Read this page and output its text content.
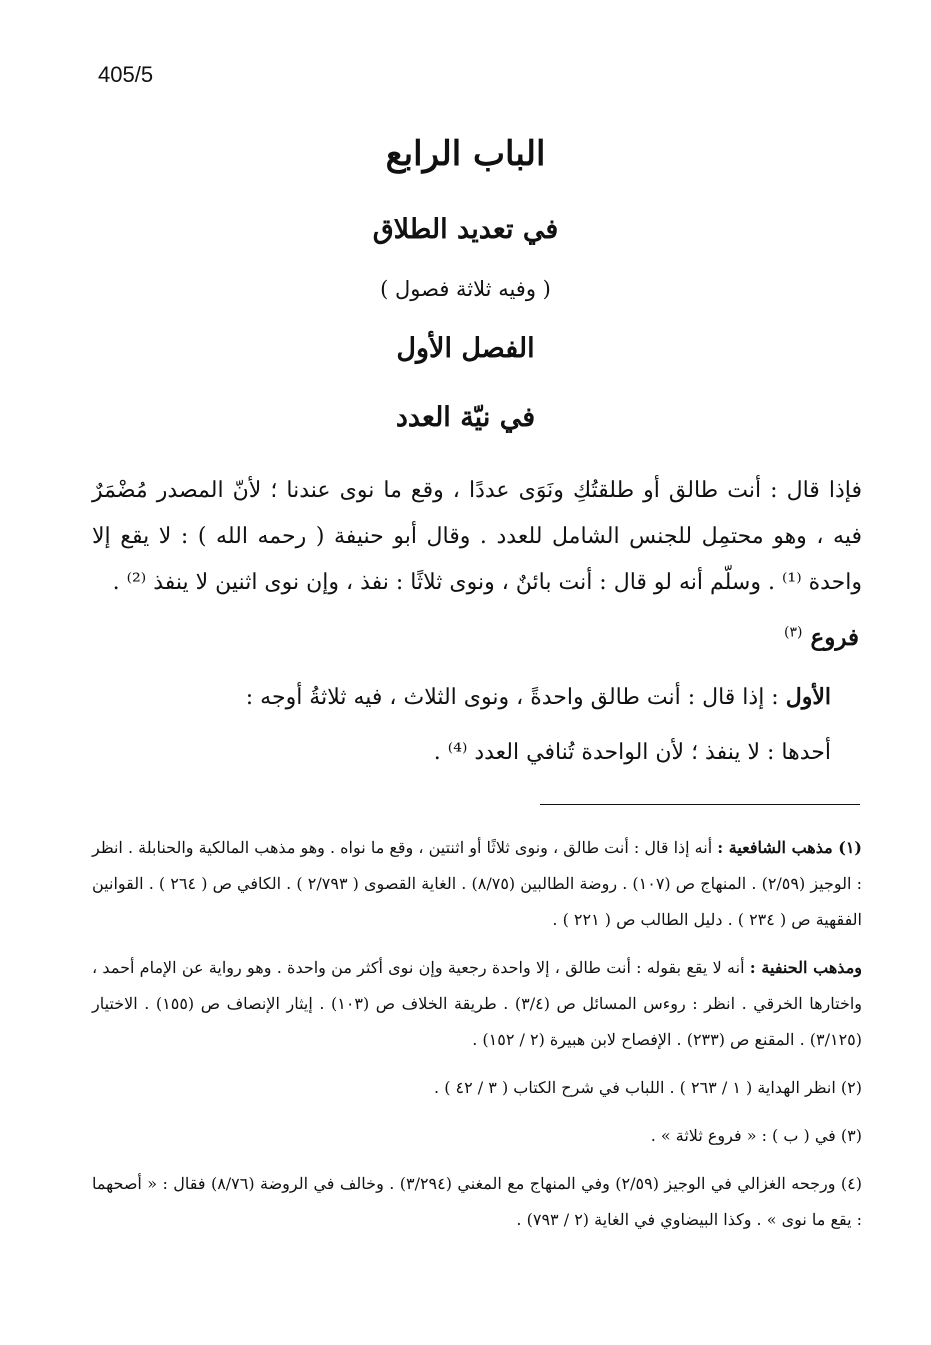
405/5
الباب الرابع
في تعديد الطلاق
( وفيه ثلاثة فصول )
الفصل الأول
في نيّة العدد

فإذا قال : أنت طالق أو طلقتُكِ ونَوَى عددًا ، وقع ما نوى عندنا ؛ لأنّ المصدر مُضْمَرٌ فيه ، وهو محتمِل للجنس الشامل للعدد . وقال أبو حنيفة ( رحمه الله ) : لا يقع إلا واحدة ⁽¹⁾ . وسلّم أنه لو قال : أنت بائنٌ ، ونوى ثلاثًا : نفذ ، وإن نوى اثنين لا ينفذ ⁽²⁾ .

فروع $^{(٣)}$
الأول : إذا قال : أنت طالق واحدةً ، ونوى الثلاث ، فيه ثلاثةُ أوجه :
أحدها : لا ينفذ ؛ لأن الواحدة تُنافي العدد ⁽⁴⁾ .

(١) مذهب الشافعية : أنه إذا قال : أنت طالق ، ونوى ثلاثًا أو اثنتين ، وقع ما نواه . وهو مذهب المالكية والحنابلة . انظر : الوجيز (٢/٥٩) . المنهاج ص (١٠٧) . روضة الطالبين (٨/٧٥) . الغاية القصوى ( ٢/٧٩٣ ) . الكافي ص ( ٢٦٤ ) . القوانين الفقهية ص ( ٢٣٤ ) . دليل الطالب ص ( ٢٢١ ) .

ومذهب الحنفية : أنه لا يقع بقوله : أنت طالق ، إلا واحدة رجعية وإن نوى أكثر من واحدة . وهو رواية عن الإمام أحمد ، واختارها الخرقي . انظر : روءس المسائل ص (٣/٤) . طريقة الخلاف ص (١٠٣) . إيثار الإنصاف ص (١٥٥) . الاختيار (٣/١٢٥) . المقنع ص (٢٣٣) . الإفصاح لابن هبيرة (٢ / ١٥٢) .

(٢) انظر الهداية ( ١ / ٢٦٣ ) . اللباب في شرح الكتاب ( ٣ / ٤٢ ) .

(٣) في ( ب ) : « فروع ثلاثة » .

(٤) ورجحه الغزالي في الوجيز (٢/٥٩) وفي المنهاج مع المغني (٣/٢٩٤) . وخالف في الروضة (٨/٧٦) فقال : « أصحهما : يقع ما نوى » . وكذا البيضاوي في الغاية (٢ / ٧٩٣) .
